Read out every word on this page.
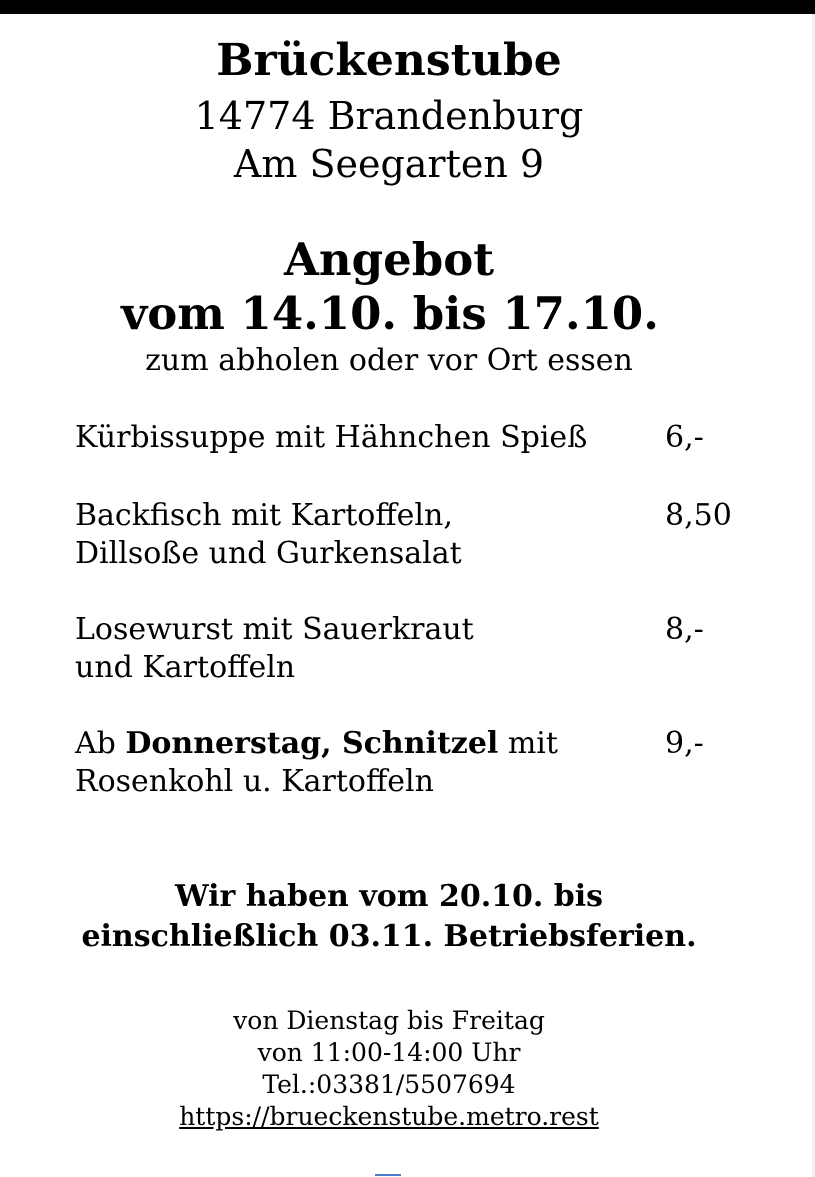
Brückenstube
14774 Brandenburg
Am Seegarten 9
Angebot
vom 14.10. bis 17.10.
zum abholen oder vor Ort essen
Kürbissuppe mit Hähnchen Spieß	6,-
Backfisch mit Kartoffeln,
Dillsoße und Gurkensalat
8,50
Losewurst mit Sauerkraut
und Kartoffeln
8,-
Ab Donnerstag, Schnitzel mit
Rosenkohl u. Kartoffeln
9,-
Wir haben vom 20.10. bis
einschließlich 03.11. Betriebsferien.
von Dienstag bis Freitag
von 11:00-14:00 Uhr
Tel.:03381/5507694
https://brueckenstube.metro.rest
